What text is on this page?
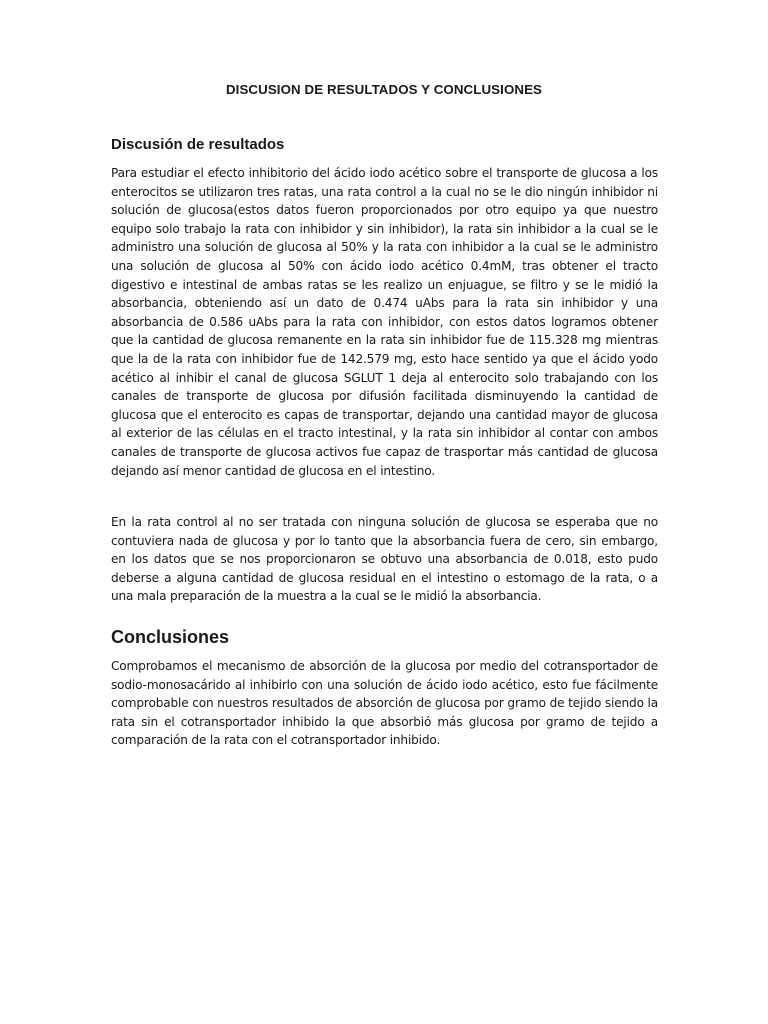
DISCUSION DE RESULTADOS Y CONCLUSIONES
Discusión de resultados

Para estudiar el efecto inhibitorio del ácido iodo acético sobre el transporte de glucosa a los enterocitos se utilizaron tres ratas, una rata control a la cual no se le dio ningún inhibidor ni solución de glucosa(estos datos fueron proporcionados por otro equipo ya que nuestro equipo solo trabajo la rata con inhibidor y sin inhibidor), la rata sin inhibidor a la cual se le administro una solución de glucosa al 50% y la rata con inhibidor a la cual se le administro una solución de glucosa al 50% con ácido iodo acético 0.4mM, tras obtener el tracto digestivo e intestinal de ambas ratas se les realizo un enjuague, se filtro y se le midió la absorbancia, obteniendo así un dato de 0.474 uAbs para la rata sin inhibidor y una absorbancia de 0.586 uAbs para la rata con inhibidor, con estos datos logramos obtener que la cantidad de glucosa remanente en la rata sin inhibidor fue de 115.328 mg mientras que la de la rata con inhibidor fue de 142.579 mg, esto hace sentido ya que el ácido yodo acético al inhibir el canal de glucosa SGLUT 1 deja al enterocito solo trabajando con los canales de transporte de glucosa por difusión facilitada disminuyendo la cantidad de glucosa que el enterocito es capas de transportar, dejando una cantidad mayor de glucosa al exterior de las células en el tracto intestinal, y la rata sin inhibidor al contar con ambos canales de transporte de glucosa activos fue capaz de trasportar más cantidad de glucosa dejando así menor cantidad de glucosa en el intestino.

En la rata control al no ser tratada con ninguna solución de glucosa se esperaba que no contuviera nada de glucosa y por lo tanto que la absorbancia fuera de cero, sin embargo, en los datos que se nos proporcionaron se obtuvo una absorbancia de 0.018, esto pudo deberse a alguna cantidad de glucosa residual en el intestino o estomago de la rata, o a una mala preparación de la muestra a la cual se le midió la absorbancia.

Conclusiones

Comprobamos el mecanismo de absorción de la glucosa por medio del cotransportador de sodio-monosacárido al inhibirlo con una solución de ácido iodo acético, esto fue fácilmente comprobable con nuestros resultados de absorción de glucosa por gramo de tejido siendo la rata sin el cotransportador inhibido la que absorbió más glucosa por gramo de tejido a comparación de la rata con el cotransportador inhibido.
